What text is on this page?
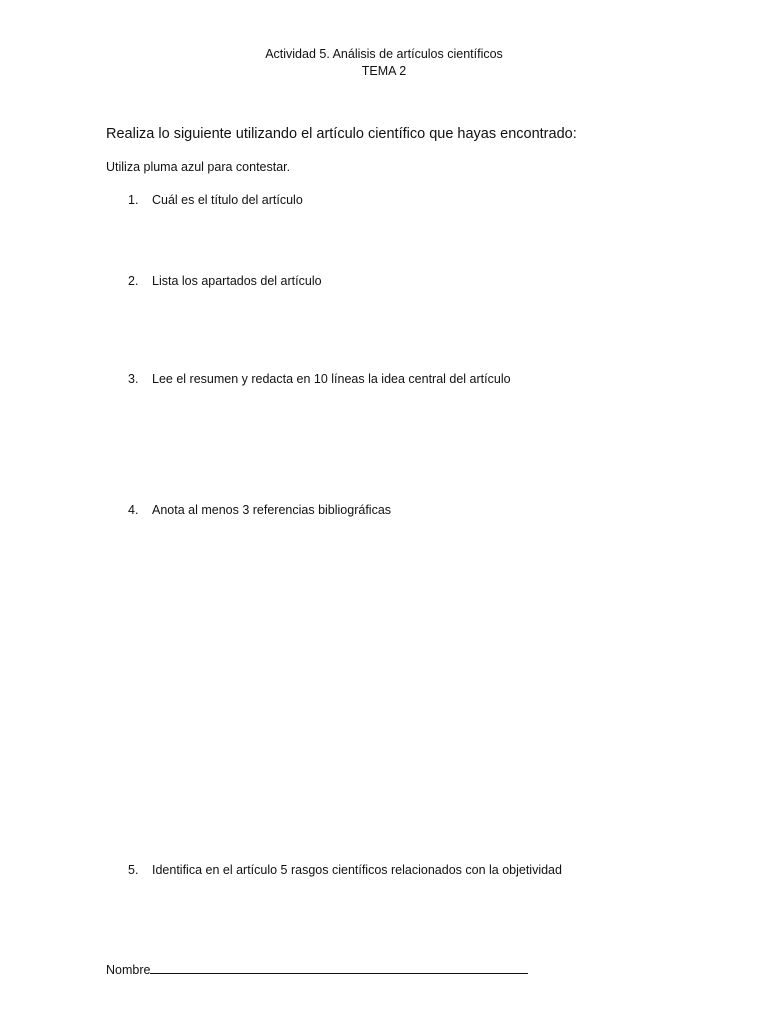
Actividad 5. Análisis de artículos científicos
TEMA 2
Realiza lo siguiente utilizando el artículo científico que hayas encontrado:
Utiliza pluma azul para contestar.
1. Cuál es el título del artículo
2. Lista los apartados del artículo
3. Lee el resumen y redacta en 10 líneas la idea central del artículo
4. Anota al menos 3 referencias bibliográficas
5. Identifica en el artículo 5 rasgos científicos relacionados con la objetividad
Nombre
